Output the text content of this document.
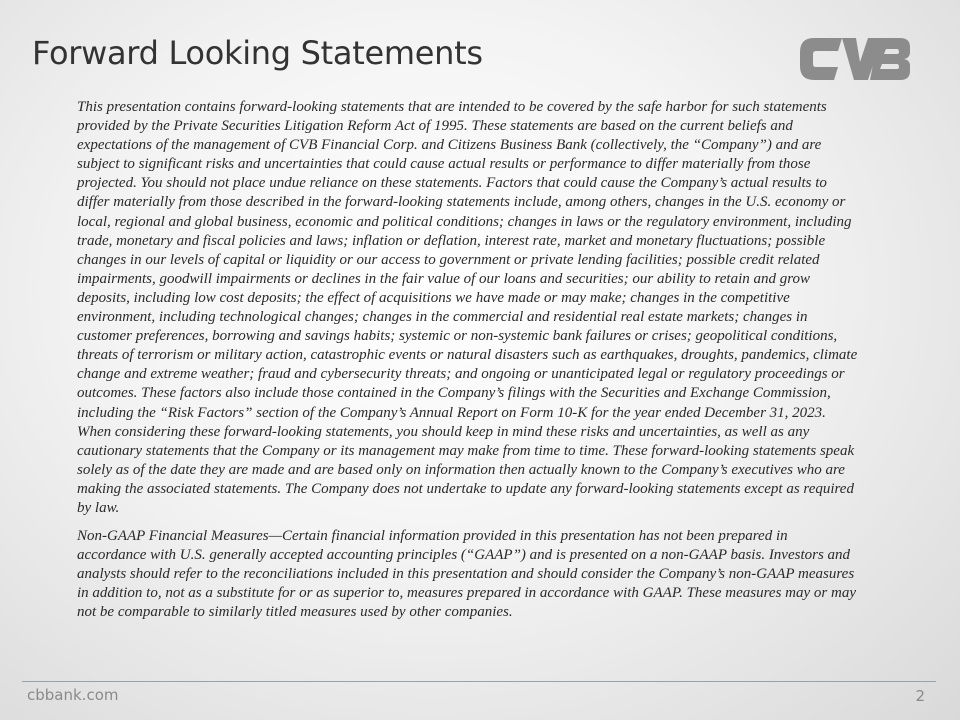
Forward Looking Statements

This presentation contains forward-looking statements that are intended to be covered by the safe harbor for such statements provided by the Private Securities Litigation Reform Act of 1995. These statements are based on the current beliefs and expectations of the management of CVB Financial Corp. and Citizens Business Bank (collectively, the “Company”) and are subject to significant risks and uncertainties that could cause actual results or performance to differ materially from those projected. You should not place undue reliance on these statements. Factors that could cause the Company’s actual results to differ materially from those described in the forward-looking statements include, among others, changes in the U.S. economy or local, regional and global business, economic and political conditions; changes in laws or the regulatory environment, including trade, monetary and fiscal policies and laws; inflation or deflation, interest rate, market and monetary fluctuations; possible changes in our levels of capital or liquidity or our access to government or private lending facilities; possible credit related impairments, goodwill impairments or declines in the fair value of our loans and securities; our ability to retain and grow deposits, including low cost deposits; the effect of acquisitions we have made or may make; changes in the competitive environment, including technological changes; changes in the commercial and residential real estate markets; changes in customer preferences, borrowing and savings habits; systemic or non-systemic bank failures or crises; geopolitical conditions, threats of terrorism or military action, catastrophic events or natural disasters such as earthquakes, droughts, pandemics, climate change and extreme weather; fraud and cybersecurity threats; and ongoing or unanticipated legal or regulatory proceedings or outcomes. These factors also include those contained in the Company’s filings with the Securities and Exchange Commission, including the “Risk Factors” section of the Company’s Annual Report on Form 10-K for the year ended December 31, 2023. When considering these forward-looking statements, you should keep in mind these risks and uncertainties, as well as any cautionary statements that the Company or its management may make from time to time. These forward-looking statements speak solely as of the date they are made and are based only on information then actually known to the Company’s executives who are making the associated statements. The Company does not undertake to update any forward-looking statements except as required by law.

Non-GAAP Financial Measures—Certain financial information provided in this presentation has not been prepared in accordance with U.S. generally accepted accounting principles (“GAAP”) and is presented on a non-GAAP basis. Investors and analysts should refer to the reconciliations included in this presentation and should consider the Company’s non-GAAP measures in addition to, not as a substitute for or as superior to, measures prepared in accordance with GAAP. These measures may or may not be comparable to similarly titled measures used by other companies.

cbbank.com	2
